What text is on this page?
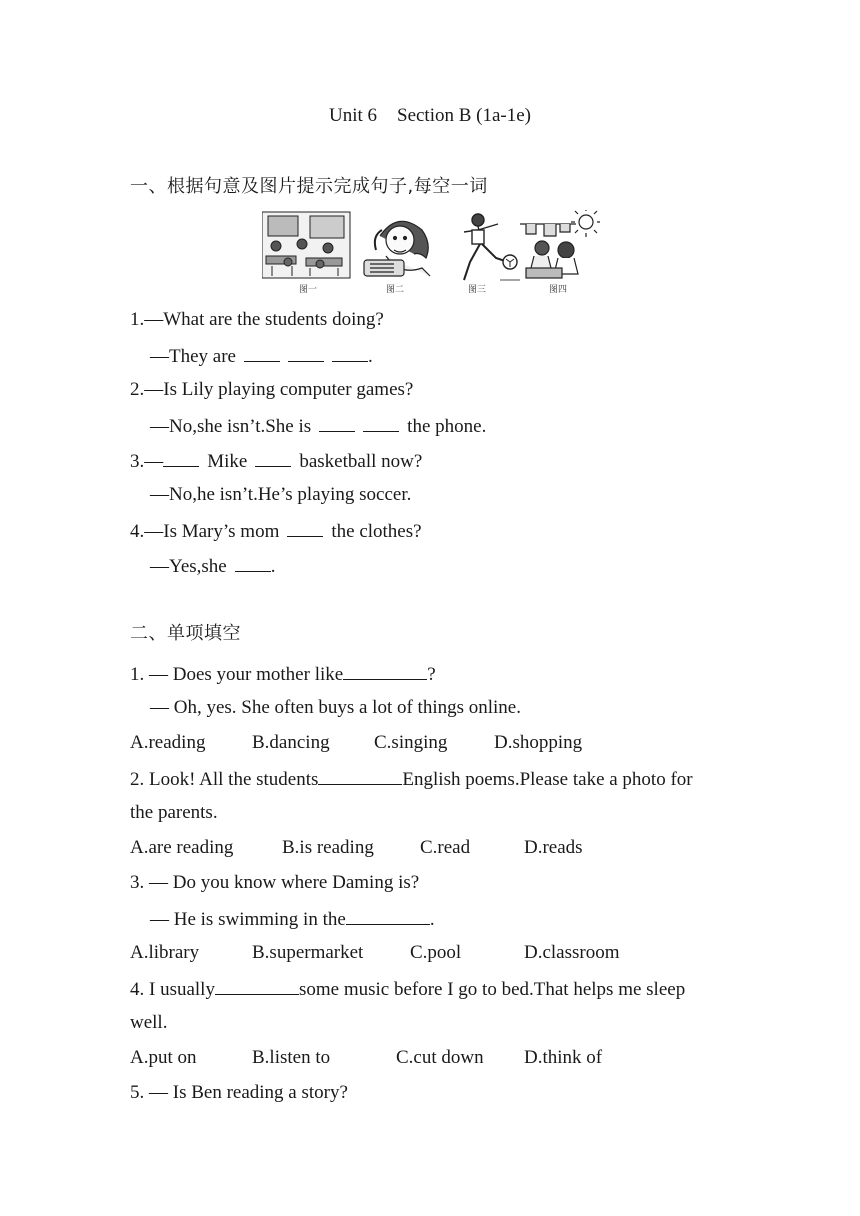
Unit 6 Section B (1a-1e)
一、根据句意及图片提示完成句子,每空一词
图一	图二	图三	图四
1.—What are the students doing?
—They are	.
2.—Is Lily playing computer games?
—No,she isn’t.She is	the phone.
3.— Mike	basketball now?
—No,he isn’t.He’s playing soccer.
4.—Is Mary’s mom	the clothes?
—Yes,she .
二、单项填空
1. — Does your mother like	?
— Oh, yes. She often buys a lot of things online.
A.reading B.dancing C.singing D.shopping
2. Look! All the students	English poems.Please take a photo for
the parents.
A.are reading	B.is reading C.read	D.reads
3. — Do you know where Daming is?
— He is swimming in the	.
A.library	B.supermarket C.pool	D.classroom
4. I usually	some music before I go to bed.That helps me sleep
well.
A.put on	B.listen to	C.cut down D.think of
5. — Is Ben reading a story?
